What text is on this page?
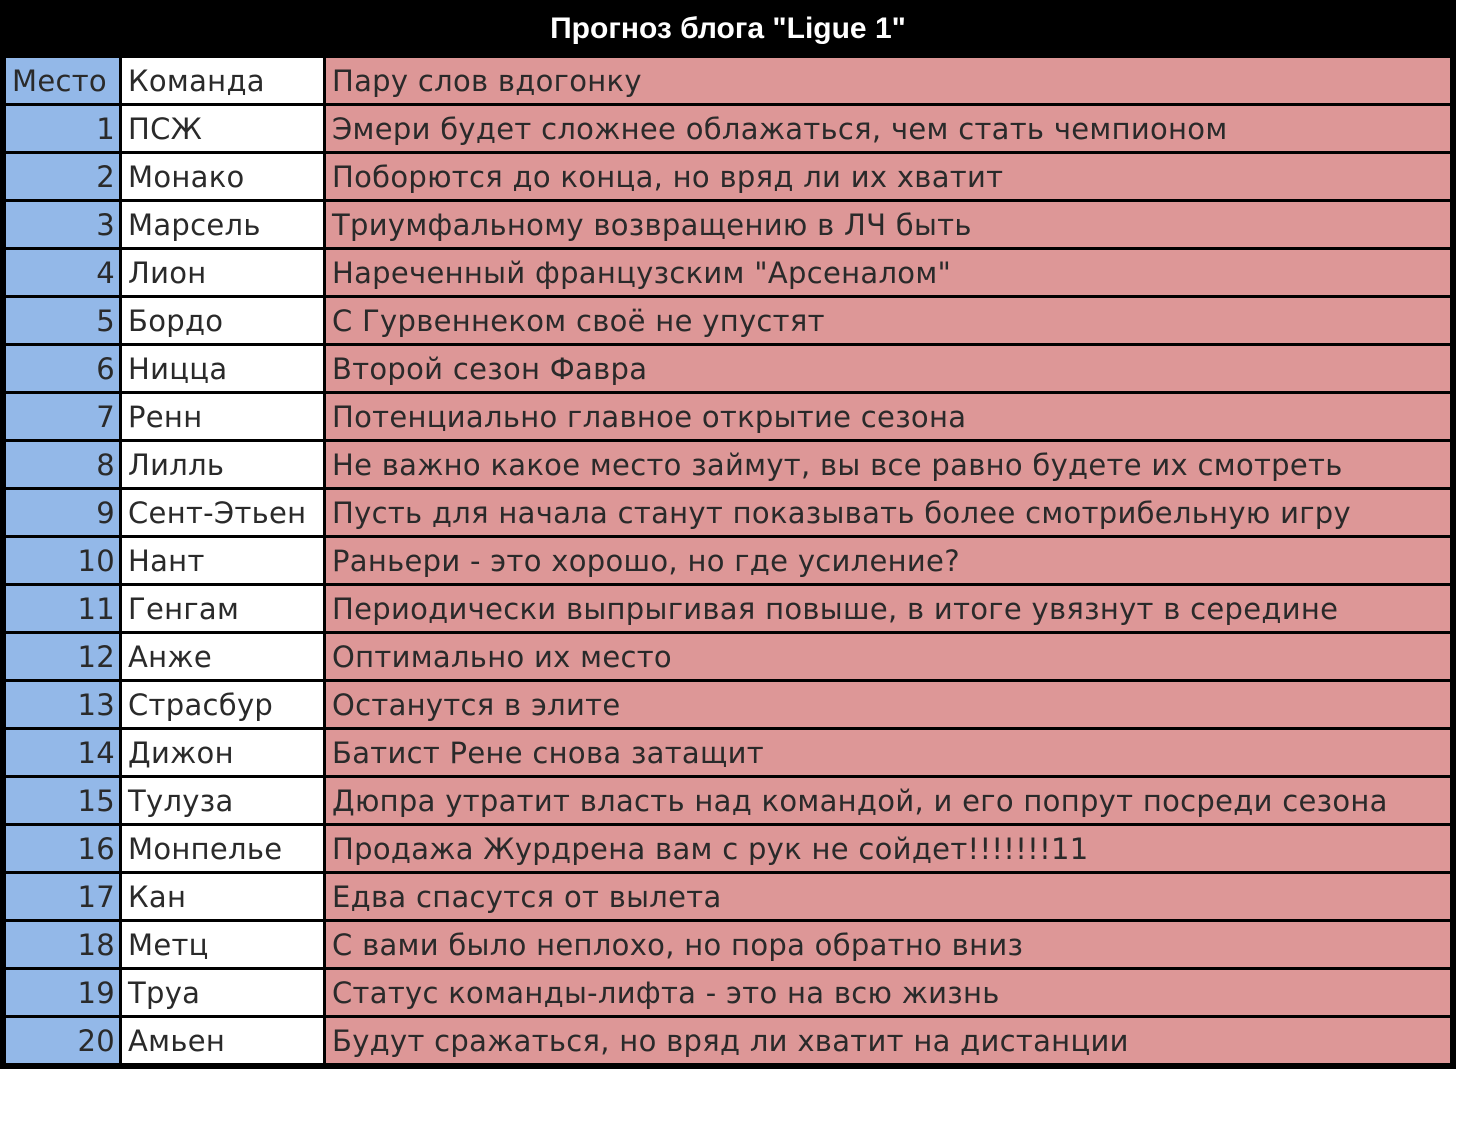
Прогноз блога "Ligue 1"
Место	Команда	Пару слов вдогонку
1	ПСЖ	Эмери будет сложнее облажаться, чем стать чемпионом
2	Монако	Поборются до конца, но вряд ли их хватит
3	Марсель	Триумфальному возвращению в ЛЧ быть
4	Лион	Нареченный французским "Арсеналом"
5	Бордо	С Гурвеннеком своё не упустят
6	Ницца	Второй сезон Фавра
7	Ренн	Потенциально главное открытие сезона
8	Лилль	Не важно какое место займут, вы все равно будете их смотреть
9	Сент-Этьен	Пусть для начала станут показывать более смотрибельную игру
10	Нант	Раньери - это хорошо, но где усиление?
11	Генгам	Периодически выпрыгивая повыше, в итоге увязнут в середине
12	Анже	Оптимально их место
13	Страсбур	Останутся в элите
14	Дижон	Батист Рене снова затащит
15	Тулуза	Дюпра утратит власть над командой, и его попрут посреди сезона
16	Монпелье	Продажа Журдрена вам с рук не сойдет!!!!!!!11
17	Кан	Едва спасутся от вылета
18	Метц	С вами было неплохо, но пора обратно вниз
19	Труа	Статус команды-лифта - это на всю жизнь
20	Амьен	Будут сражаться, но вряд ли хватит на дистанции
